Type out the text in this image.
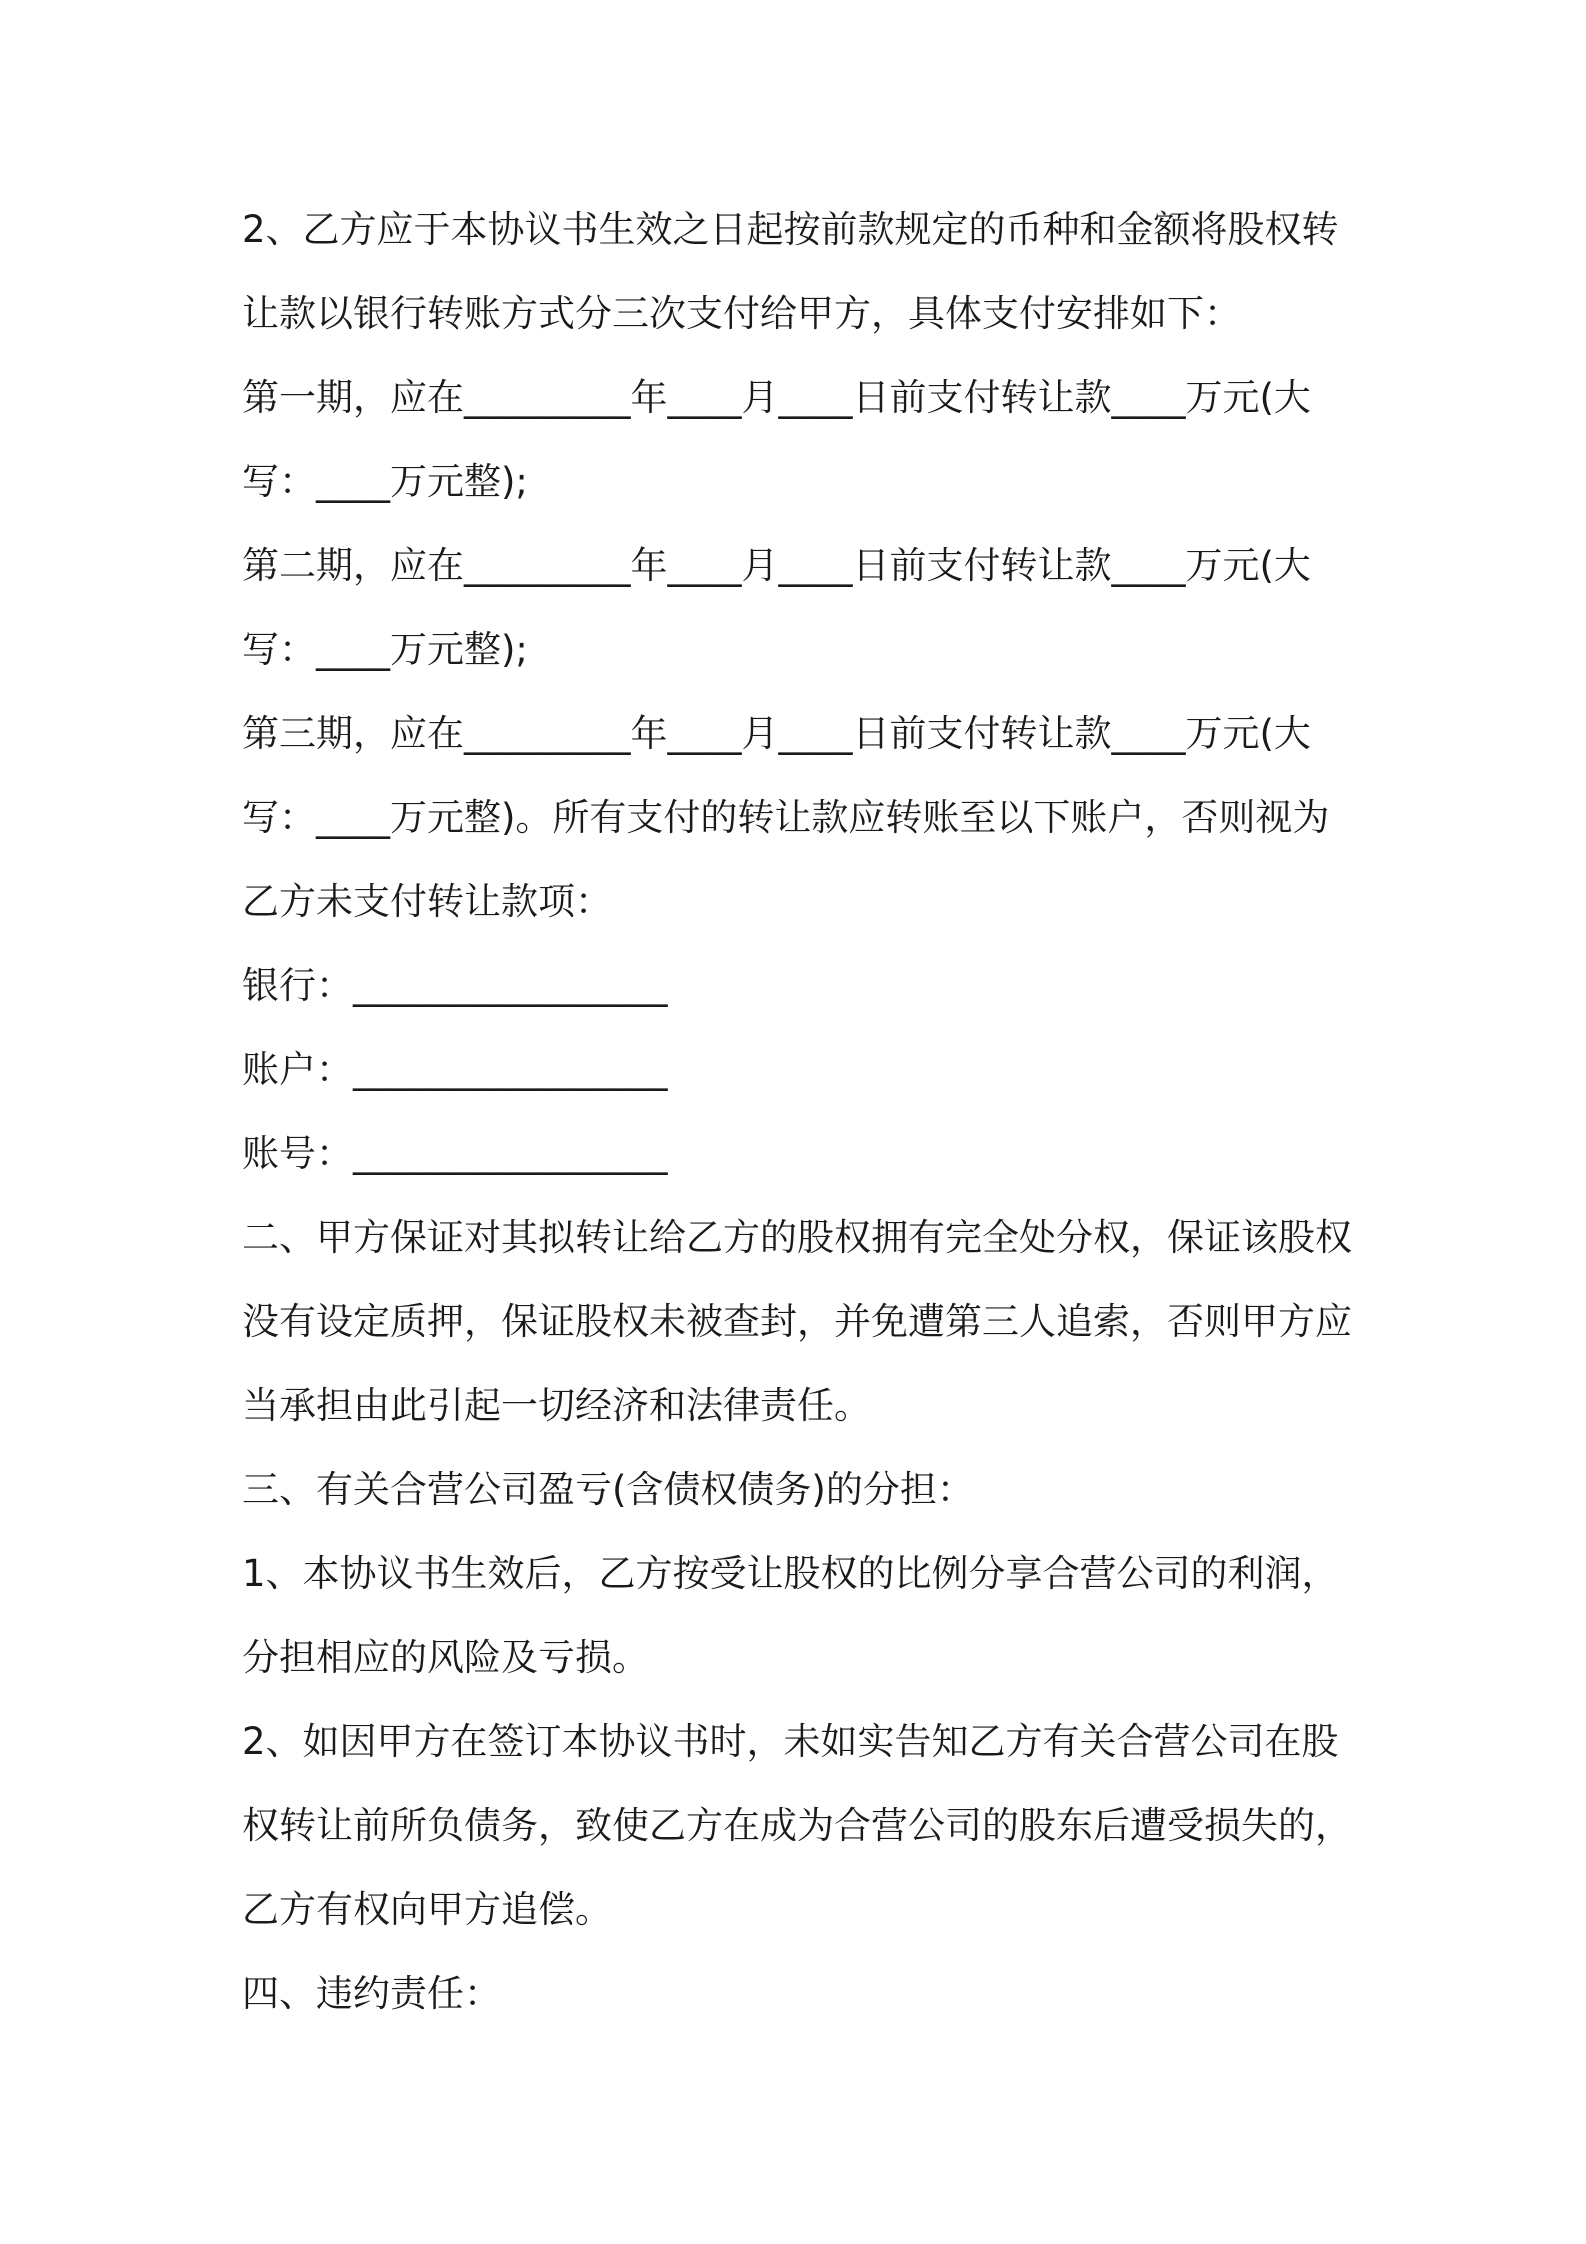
2、乙方应于本协议书生效之日起按前款规定的币种和金额将股权转
让款以银行转账方式分三次支付给甲方，具体支付安排如下：
第一期，应在_________年____月____日前支付转让款____万元(大
写：____万元整);
第二期，应在_________年____月____日前支付转让款____万元(大
写：____万元整);
第三期，应在_________年____月____日前支付转让款____万元(大
写：____万元整)。所有支付的转让款应转账至以下账户，否则视为
乙方未支付转让款项：
银行：_________________
账户：_________________
账号：_________________
二、甲方保证对其拟转让给乙方的股权拥有完全处分权，保证该股权
没有设定质押，保证股权未被查封，并免遭第三人追索，否则甲方应
当承担由此引起一切经济和法律责任。
三、有关合营公司盈亏(含债权债务)的分担：
1、本协议书生效后，乙方按受让股权的比例分享合营公司的利润，
分担相应的风险及亏损。
2、如因甲方在签订本协议书时，未如实告知乙方有关合营公司在股
权转让前所负债务，致使乙方在成为合营公司的股东后遭受损失的，
乙方有权向甲方追偿。
四、违约责任：
